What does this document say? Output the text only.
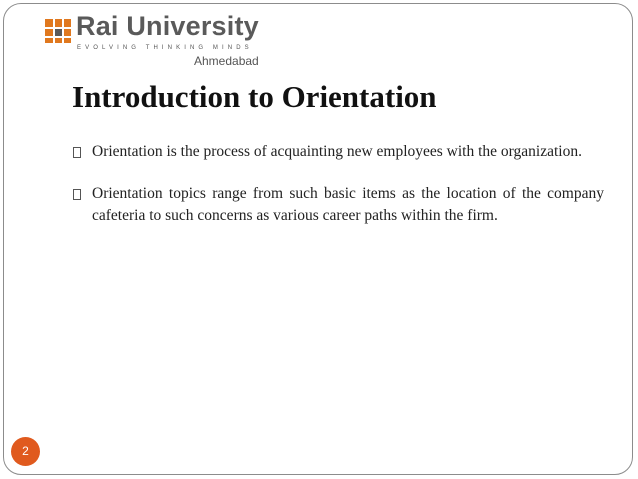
Rai University
EVOLVING THINKING MINDS
Ahmedabad
Introduction to Orientation
Orientation is the process of acquainting new employees with the organization.
Orientation topics range from such basic items as the location of the company cafeteria to such concerns as various career paths within the firm.
2
